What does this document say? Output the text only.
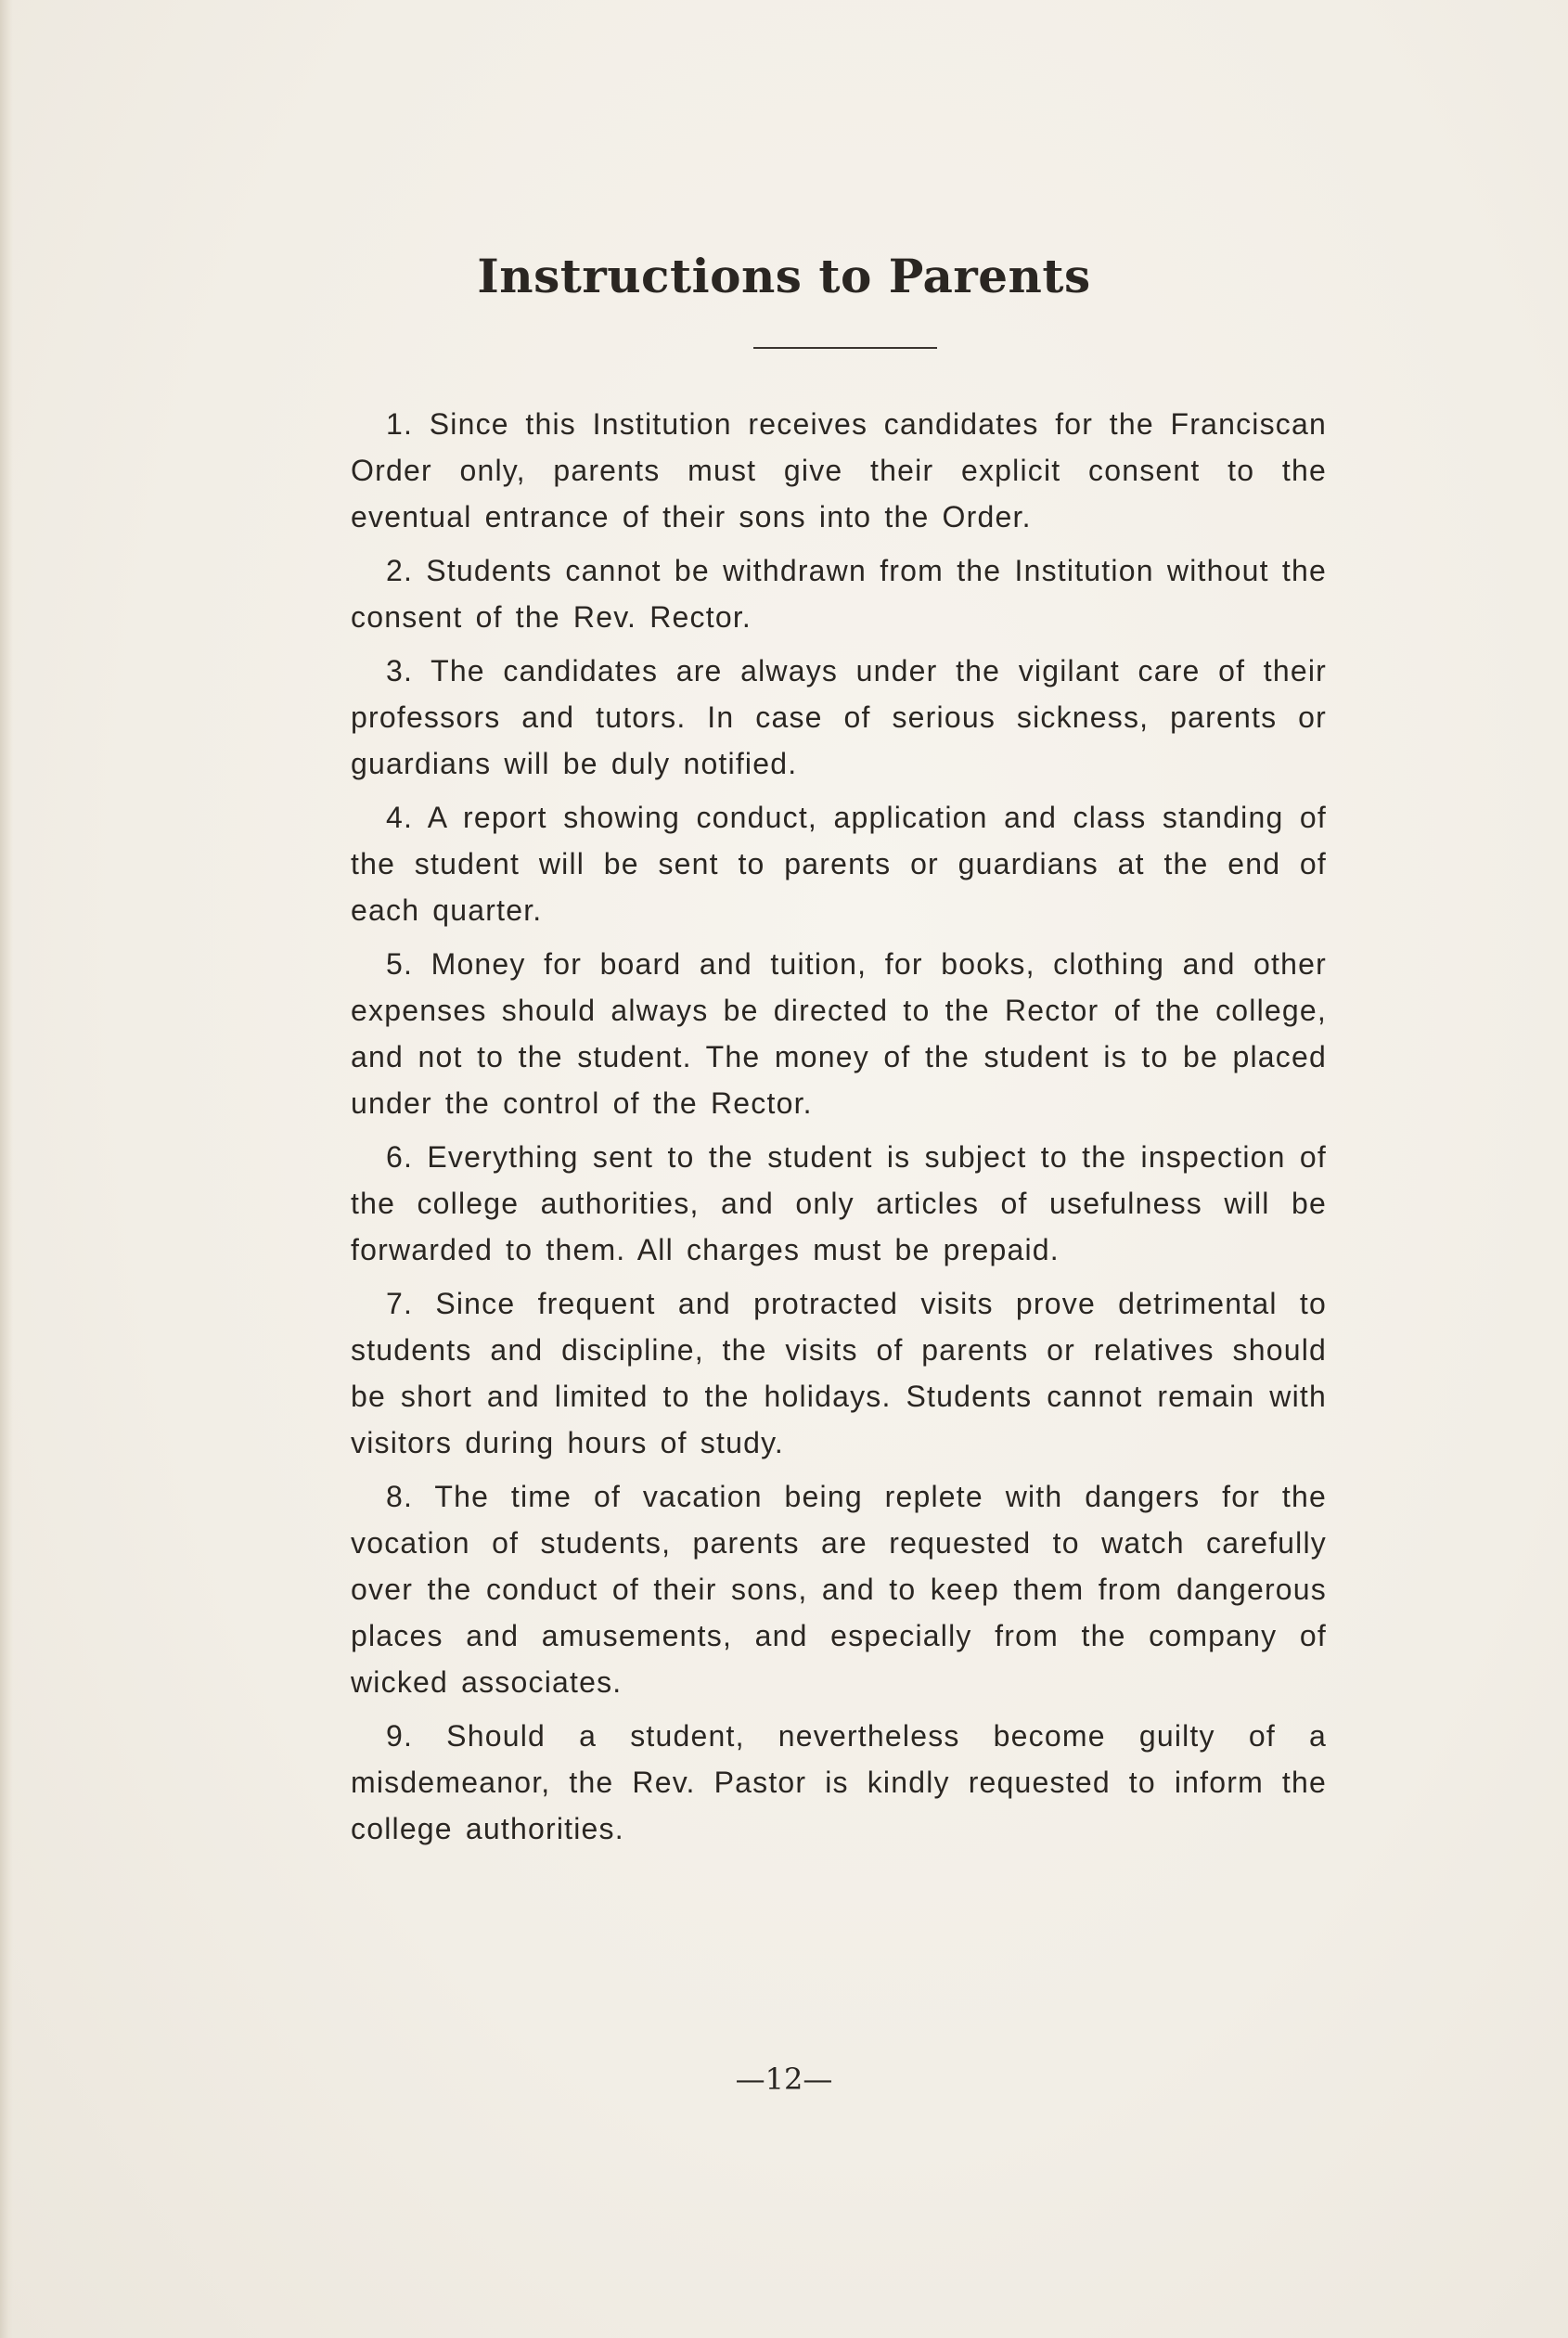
Instructions to Parents

1. Since this Institution receives candidates for the Franciscan Order only, parents must give their explicit consent to the eventual entrance of their sons into the Order.

2. Students cannot be withdrawn from the Institution without the consent of the Rev. Rector.

3. The candidates are always under the vigilant care of their professors and tutors. In case of serious sickness, parents or guardians will be duly notified.

4. A report showing conduct, application and class standing of the student will be sent to parents or guardians at the end of each quarter.

5. Money for board and tuition, for books, clothing and other expenses should always be directed to the Rector of the college, and not to the student. The money of the student is to be placed under the control of the Rector.

6. Everything sent to the student is subject to the inspection of the college authorities, and only articles of usefulness will be forwarded to them. All charges must be prepaid.

7. Since frequent and protracted visits prove detrimental to students and discipline, the visits of parents or relatives should be short and limited to the holidays. Students cannot remain with visitors during hours of study.

8. The time of vacation being replete with dangers for the vocation of students, parents are requested to watch carefully over the conduct of their sons, and to keep them from dangerous places and amusements, and especially from the company of wicked associates.

9. Should a student, nevertheless become guilty of a misdemeanor, the Rev. Pastor is kindly requested to inform the college authorities.

—12—
